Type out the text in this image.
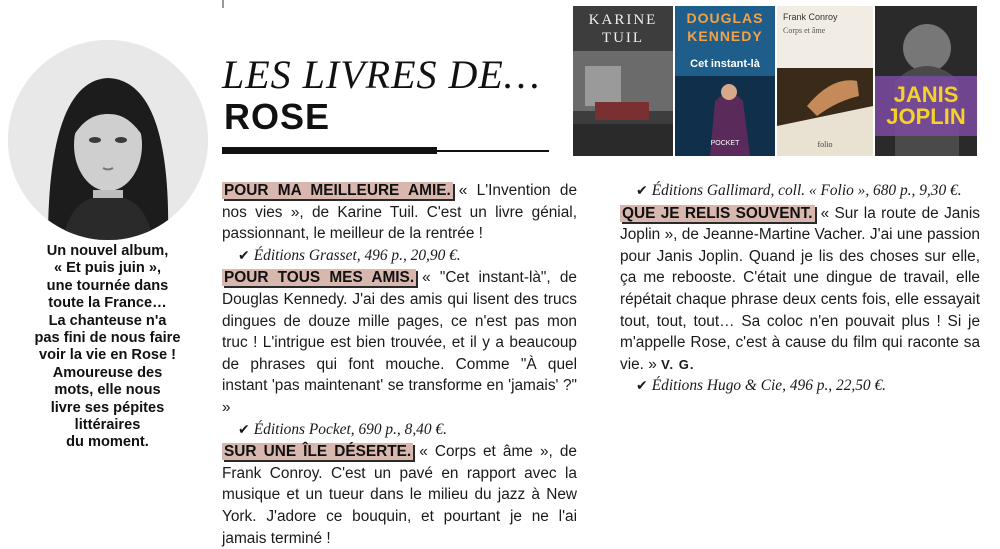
Un nouvel album,
« Et puis juin »,
une tournée dans
toute la France…
La chanteuse n'a
pas fini de nous faire
voir la vie en Rose !
Amoureuse des
mots, elle nous
livre ses pépites
littéraires
du moment.
LES LIVRES DE…
ROSE
KARINE
TUIL
DOUGLAS
KENNEDY
Cet instant-là
POCKET
Frank Conroy
Corps et âme
folio
JANIS
JOPLIN

POUR MA MEILLEURE AMIE. « L'Invention de nos vies », de Karine Tuil. C'est un livre génial, passionnant, le meilleur de la rentrée !

✔ Éditions Grasset, 496 p., 20,90 €.

POUR TOUS MES AMIS. « "Cet instant-là", de Douglas Kennedy. J'ai des amis qui lisent des trucs dingues de douze mille pages, ce n'est pas mon truc ! L'intrigue est bien trouvée, et il y a beaucoup de phrases qui font mouche. Comme "À quel instant 'pas maintenant' se transforme en 'jamais' ?" »

✔ Éditions Pocket, 690 p., 8,40 €.

SUR UNE ÎLE DÉSERTE. « Corps et âme », de Frank Conroy. C'est un pavé en rapport avec la musique et un tueur dans le milieu du jazz à New York. J'adore ce bouquin, et pourtant je ne l'ai jamais terminé !

✔ Éditions Gallimard, coll. « Folio », 680 p., 9,30 €.

QUE JE RELIS SOUVENT. « Sur la route de Janis Joplin », de Jeanne-Martine Vacher. J'ai une passion pour Janis Joplin. Quand je lis des choses sur elle, ça me rebooste. C'était une dingue de travail, elle répétait chaque phrase deux cents fois, elle essayait tout, tout, tout… Sa coloc n'en pouvait plus ! Si je m'appelle Rose, c'est à cause du film qui raconte sa vie. » V. G.

✔ Éditions Hugo & Cie, 496 p., 22,50 €.
